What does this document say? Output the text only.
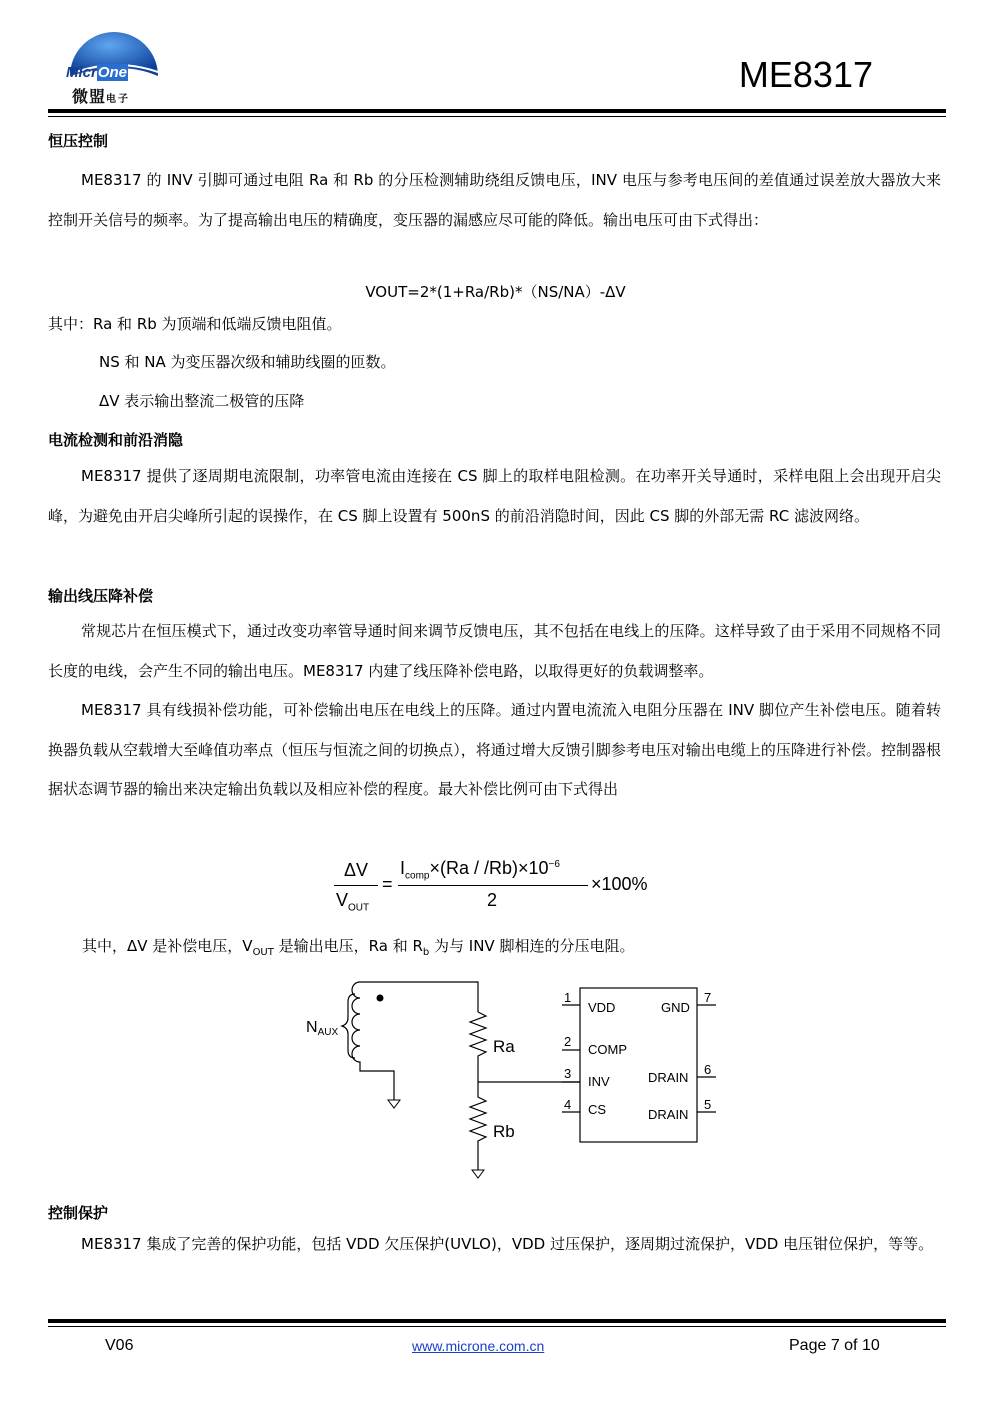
MicrOne
微盟电子
ME8317
恒压控制
ME8317 的 INV 引脚可通过电阻 Ra 和 Rb 的分压检测辅助绕组反馈电压，INV 电压与参考电压间的差值通过误差放大器放大来控制开关信号的频率。为了提高输出电压的精确度，变压器的漏感应尽可能的降低。输出电压可由下式得出：
VOUT=2*(1+Ra/Rb)*（NS/NA）-ΔV
其中：Ra 和 Rb 为顶端和低端反馈电阻值。
NS 和 NA 为变压器次级和辅助线圈的匝数。
ΔV 表示输出整流二极管的压降
电流检测和前沿消隐
ME8317 提供了逐周期电流限制，功率管电流由连接在 CS 脚上的取样电阻检测。在功率开关导通时，采样电阻上会出现开启尖峰，为避免由开启尖峰所引起的误操作，在 CS 脚上设置有 500nS 的前沿消隐时间，因此 CS 脚的外部无需 RC 滤波网络。
输出线压降补偿
常规芯片在恒压模式下，通过改变功率管导通时间来调节反馈电压，其不包括在电线上的压降。这样导致了由于采用不同规格不同长度的电线，会产生不同的输出电压。ME8317 内建了线压降补偿电路，以取得更好的负载调整率。
ME8317 具有线损补偿功能，可补偿输出电压在电线上的压降。通过内置电流流入电阻分压器在 INV 脚位产生补偿电压。随着转换器负载从空载增大至峰值功率点（恒压与恒流之间的切换点），将通过增大反馈引脚参考电压对输出电缆上的压降进行补偿。控制器根据状态调节器的输出来决定输出负载以及相应补偿的程度。最大补偿比例可由下式得出
ΔV
$V_{OUT}$
=
$I_{comp}\times(Ra / /Rb)\times 10^{-6}$
2
×100%
其中，ΔV 是补偿电压，$V_{OUT}$ 是输出电压，Ra 和 $R_b$ 为与 INV 脚相连的分压电阻。
NAUX
Ra
Rb
1
VDD
2
COMP
3
INV
4 CS
7
GND
6
DRAIN
5
DRAIN
控制保护
ME8317 集成了完善的保护功能，包括 VDD 欠压保护(UVLO)，VDD 过压保护，逐周期过流保护，VDD 电压钳位保护，等等。
V06	www.microne.com.cn	Page 7 of 10
